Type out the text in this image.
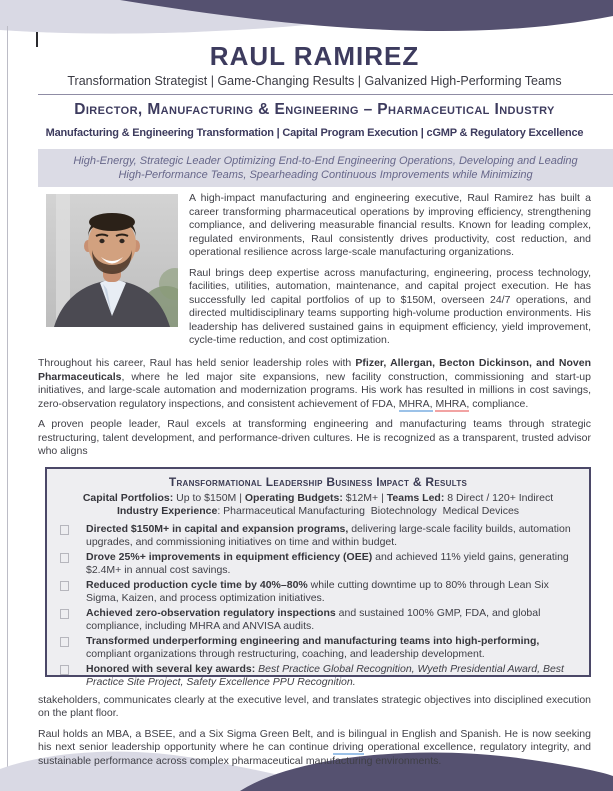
RAUL RAMIREZ
Transformation Strategist | Game-Changing Results | Galvanized High-Performing Teams
Director, Manufacturing & Engineering – Pharmaceutical Industry
Manufacturing & Engineering Transformation | Capital Program Execution | cGMP & Regulatory Excellence
High-Energy, Strategic Leader Optimizing End-to-End Engineering Operations, Developing and Leading
High-Performance Teams, Spearheading Continuous Improvements while Minimizing

A high-impact manufacturing and engineering executive, Raul Ramirez has built a career transforming pharmaceutical operations by improving efficiency, strengthening compliance, and delivering measurable financial results. Known for leading complex, regulated environments, Raul consistently drives productivity, cost reduction, and operational resilience across large-scale manufacturing organizations.

Raul brings deep expertise across manufacturing, engineering, process technology, facilities, utilities, automation, maintenance, and capital project execution. He has successfully led capital portfolios of up to $150M, overseen 24/7 operations, and directed multidisciplinary teams supporting high-volume production environments. His leadership has delivered sustained gains in equipment efficiency, yield improvement, cycle-time reduction, and cost optimization.

Throughout his career, Raul has held senior leadership roles with Pfizer, Allergan, Becton Dickinson, and Noven Pharmaceuticals, where he led major site expansions, new facility construction, commissioning and start-up initiatives, and large-scale automation and modernization programs. His work has resulted in millions in cost savings, zero-observation regulatory inspections, and consistent achievement of FDA, MHRA, MHRA, compliance.

A proven people leader, Raul excels at transforming engineering and manufacturing teams through strategic restructuring, talent development, and performance-driven cultures. He is recognized as a transparent, trusted advisor who aligns

Transformational Leadership Business Impact & Results
Capital Portfolios: Up to $150M | Operating Budgets: $12M+ | Teams Led: 8 Direct / 120+ Indirect
Industry Experience: Pharmaceutical Manufacturing  Biotechnology  Medical Devices
Directed $150M+ in capital and expansion programs, delivering large-scale facility builds, automation upgrades, and commissioning initiatives on time and within budget.
Drove 25%+ improvements in equipment efficiency (OEE) and achieved 11% yield gains, generating $2.4M+ in annual cost savings.
Reduced production cycle time by 40%–80% while cutting downtime up to 80% through Lean Six Sigma, Kaizen, and process optimization initiatives.
Achieved zero-observation regulatory inspections and sustained 100% GMP, FDA, and global compliance, including MHRA and ANVISA audits.
Transformed underperforming engineering and manufacturing teams into high-performing, compliant organizations through restructuring, coaching, and leadership development.
Honored with several key awards: Best Practice Global Recognition, Wyeth Presidential Award, Best Practice Site Project, Safety Excellence PPU Recognition.

stakeholders, communicates clearly at the executive level, and translates strategic objectives into disciplined execution on the plant floor.

Raul holds an MBA, a BSEE, and a Six Sigma Green Belt, and is bilingual in English and Spanish. He is now seeking his next senior leadership opportunity where he can continue driving operational excellence, regulatory integrity, and sustainable performance across complex pharmaceutical manufacturing environments.
